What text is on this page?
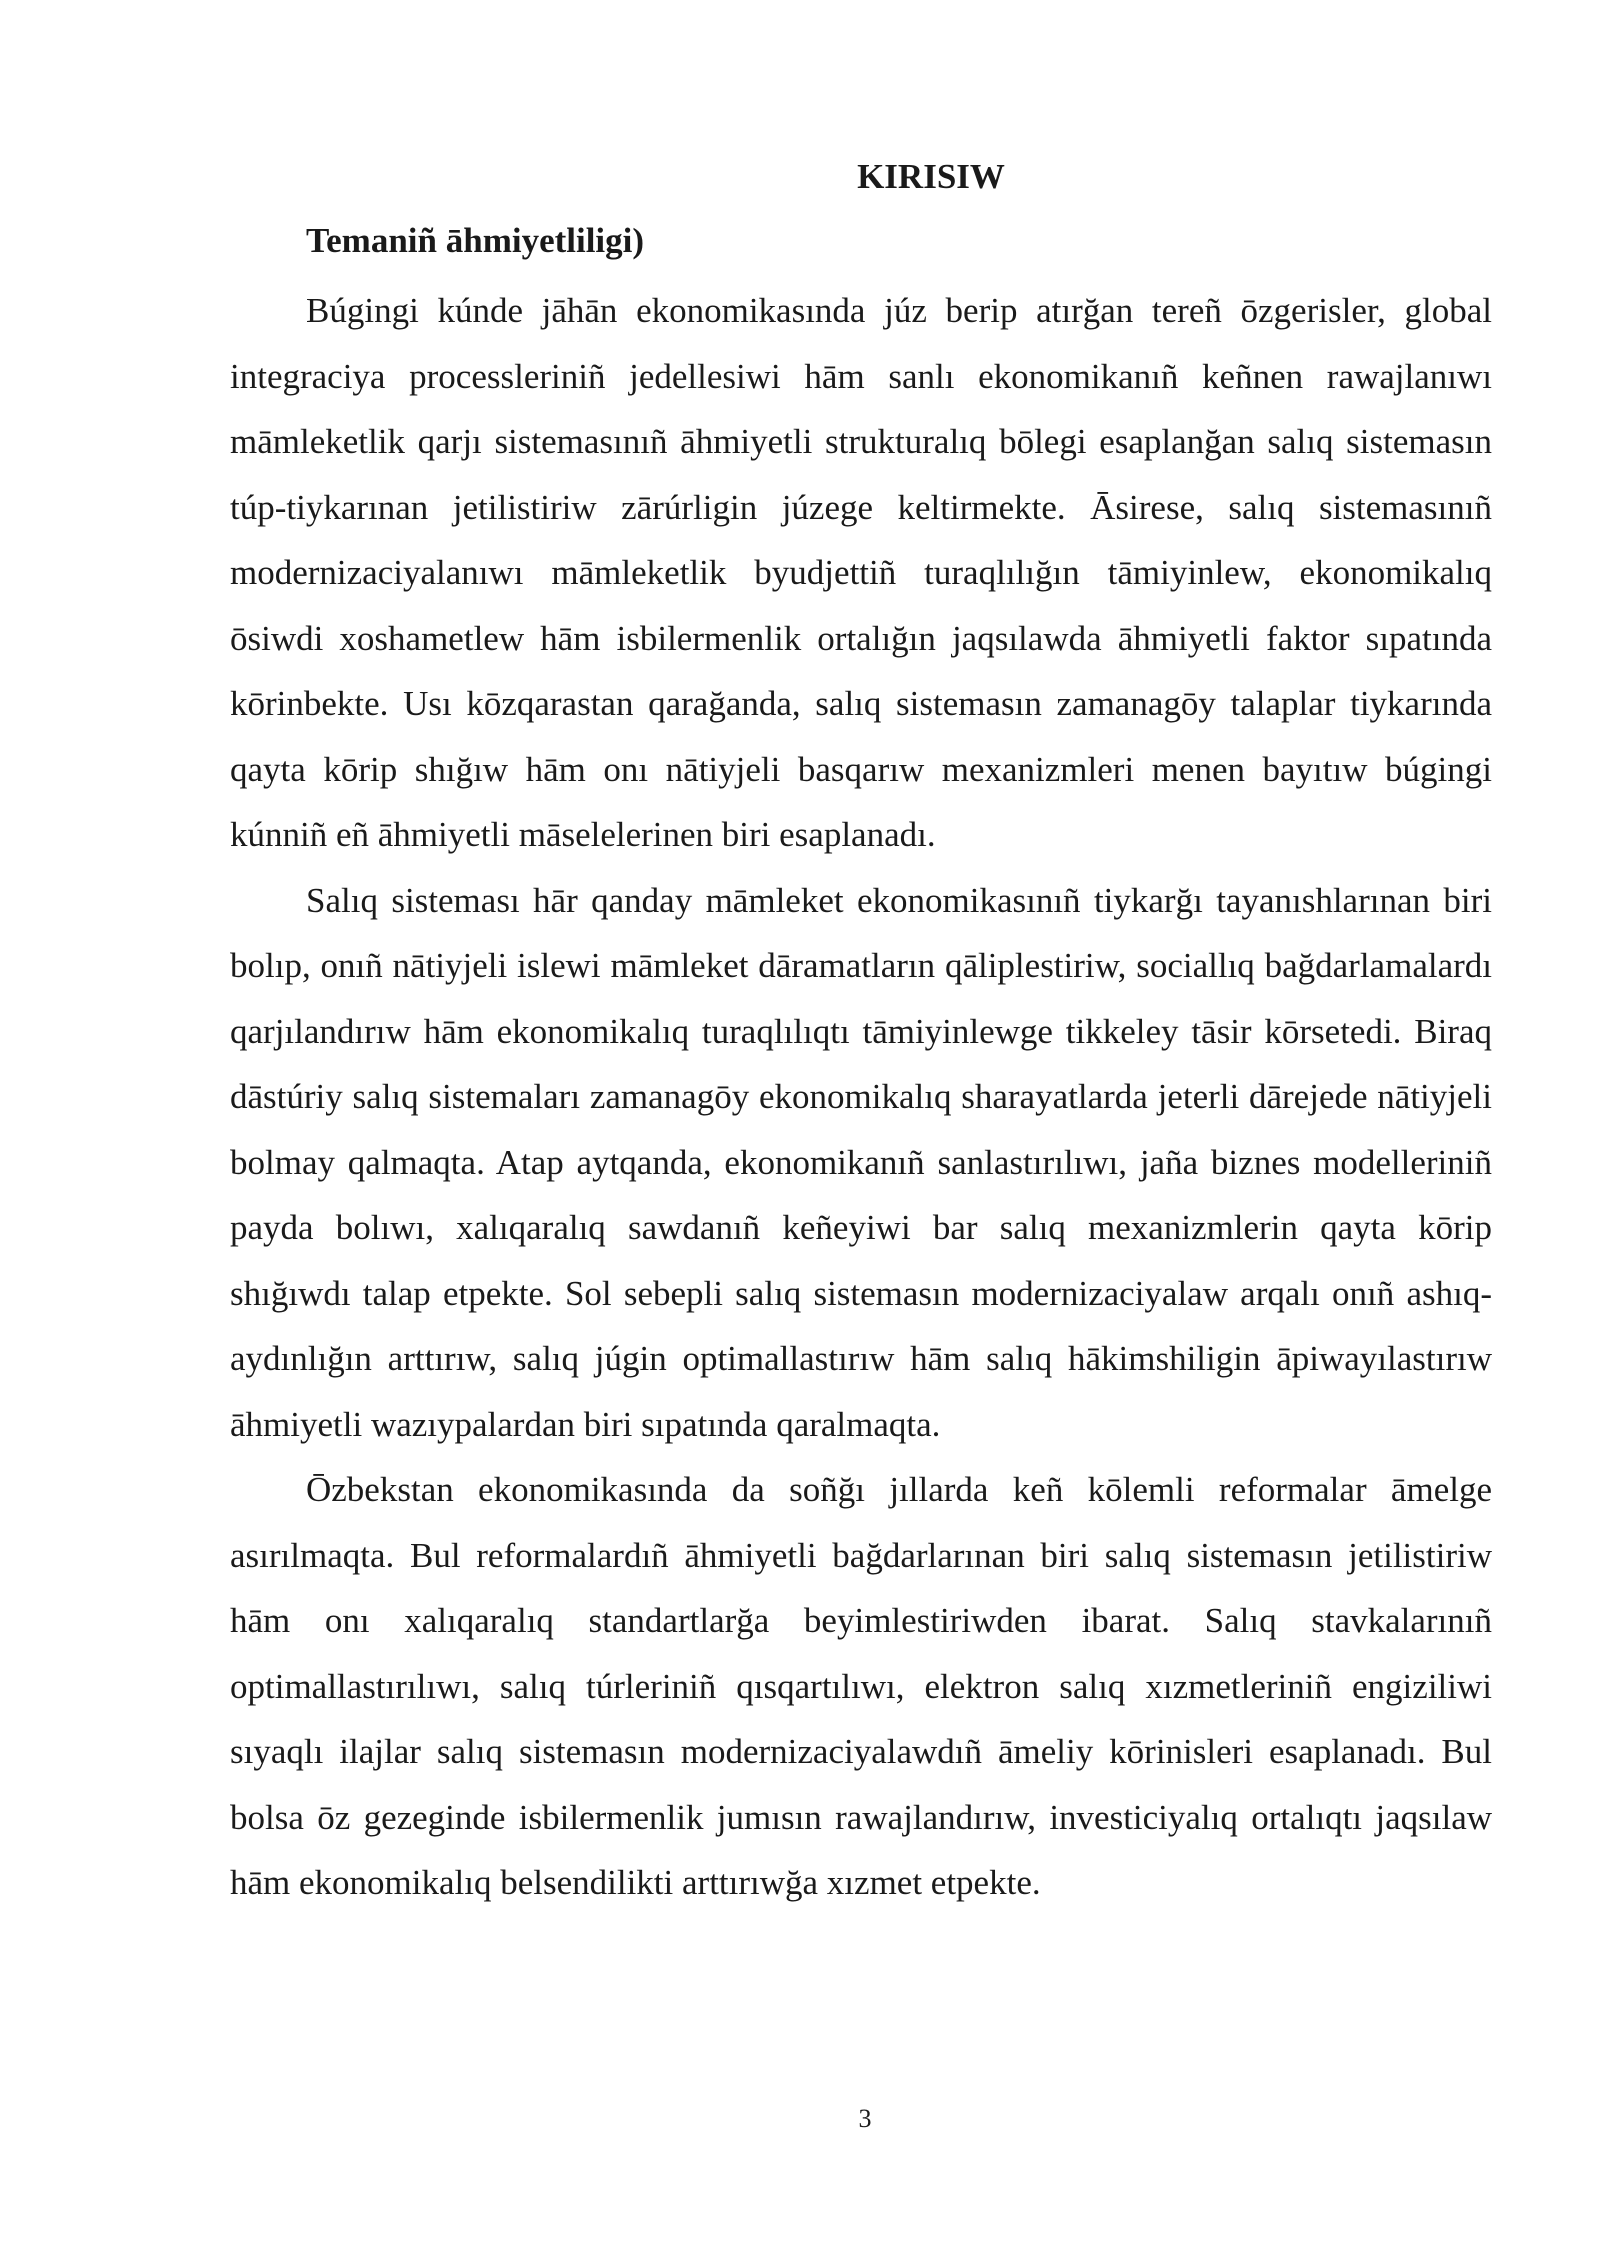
KIRISIW
Temaniñ āhmiyetliligi)

Búgingi kúnde jāhān ekonomikasında júz berip atırğan tereñ ōzgerisler, global integraciya processleriniñ jedellesiwi hām sanlı ekonomikanıñ keñnen rawajlanıwı māmleketlik qarjı sistemasınıñ āhmiyetli strukturalıq bōlegi esaplanğan salıq sistemasın túp-tiykarınan jetilistiriw zārúrligin júzege keltirmekte. Āsirese, salıq sistemasınıñ modernizaciyalanıwı māmleketlik byudjettiñ turaqlılığın tāmiyinlew, ekonomikalıq ōsiwdi xoshametlew hām isbilermenlik ortalığın jaqsılawda āhmiyetli faktor sıpatında kōrinbekte. Usı kōzqarastan qarağanda, salıq sistemasın zamanagōy talaplar tiykarında qayta kōrip shığıw hām onı nātiyjeli basqarıw mexanizmleri menen bayıtıw búgingi kúnniñ eñ āhmiyetli māselelerinen biri esaplanadı.

Salıq sisteması hār qanday māmleket ekonomikasınıñ tiykarğı tayanıshlarınan biri bolıp, onıñ nātiyjeli islewi māmleket dāramatların qāliplestiriw, sociallıq bağdarlamalardı qarjılandırıw hām ekonomikalıq turaqlılıqtı tāmiyinlewge tikkeley tāsir kōrsetedi. Biraq dāstúriy salıq sistemaları zamanagōy ekonomikalıq sharayatlarda jeterli dārejede nātiyjeli bolmay qalmaqta. Atap aytqanda, ekonomikanıñ sanlastırılıwı, jaña biznes modelleriniñ payda bolıwı, xalıqaralıq sawdanıñ keñeyiwi bar salıq mexanizmlerin qayta kōrip shığıwdı talap etpekte. Sol sebepli salıq sistemasın modernizaciyalaw arqalı onıñ ashıq-aydınlığın arttırıw, salıq júgin optimallastırıw hām salıq hākimshiligin āpiwayılastırıw āhmiyetli wazıypalardan biri sıpatında qaralmaqta.

Ōzbekstan ekonomikasında da soñğı jıllarda keñ kōlemli reformalar āmelge asırılmaqta. Bul reformalardıñ āhmiyetli bağdarlarınan biri salıq sistemasın jetilistiriw hām onı xalıqaralıq standartlarğa beyimlestiriwden ibarat. Salıq stavkalarınıñ optimallastırılıwı, salıq túrleriniñ qısqartılıwı, elektron salıq xızmetleriniñ engiziliwi sıyaqlı ilajlar salıq sistemasın modernizaciyalawdıñ āmeliy kōrinisleri esaplanadı. Bul bolsa ōz gezeginde isbilermenlik jumısın rawajlandırıw, investiciyalıq ortalıqtı jaqsılaw hām ekonomikalıq belsendilikti arttırıwğa xızmet etpekte.

3
